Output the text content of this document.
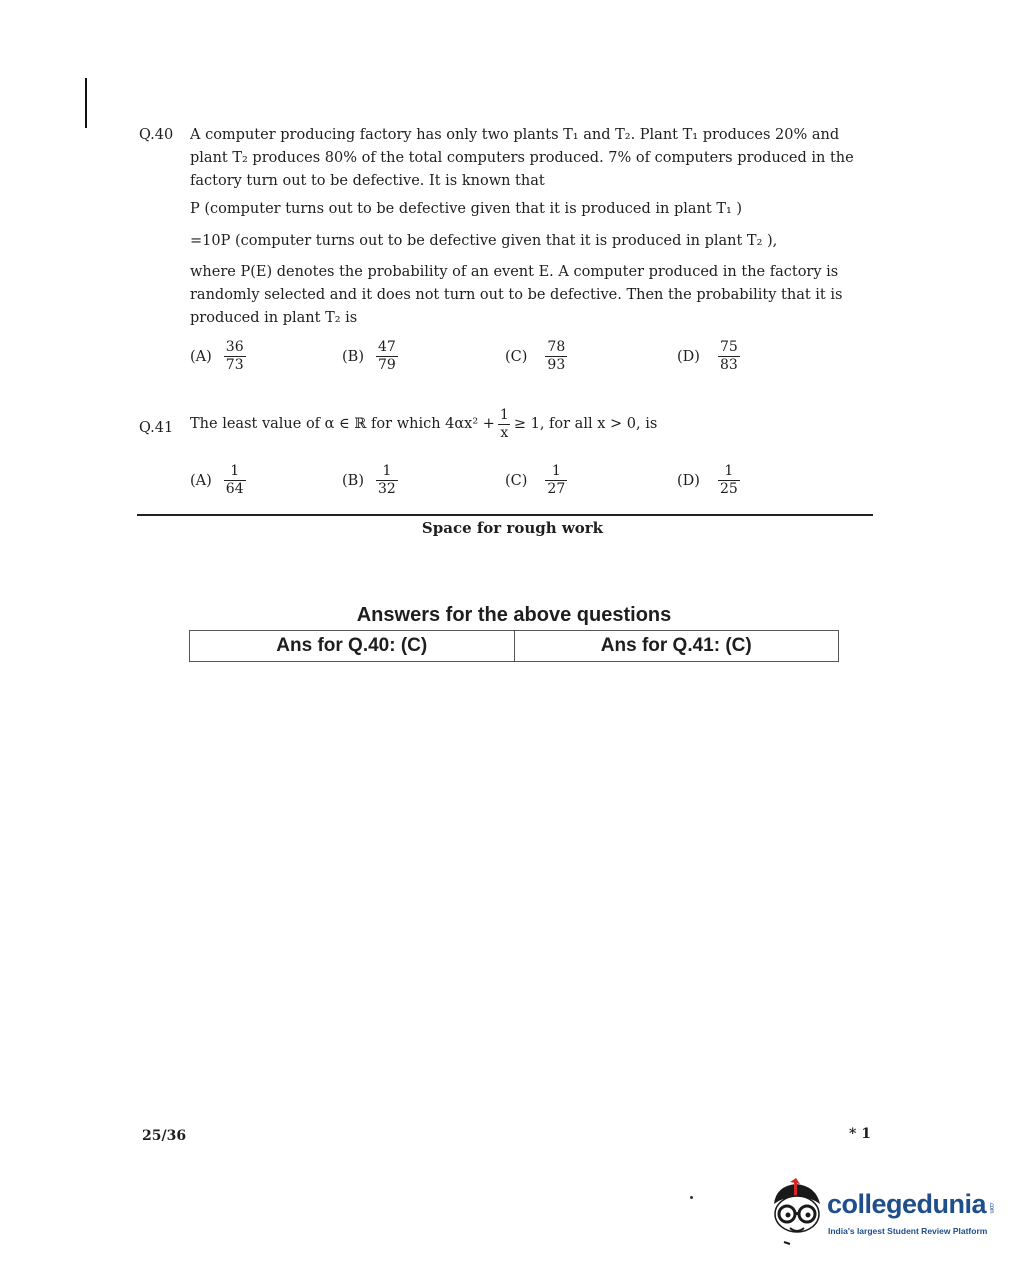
Q.40 A computer producing factory has only two plants T₁ and T₂. Plant T₁ produces 20% and
plant T₂ produces 80% of the total computers produced. 7% of computers produced in the
factory turn out to be defective. It is known that
P (computer turns out to be defective given that it is produced in plant T₁ )
=10P (computer turns out to be defective given that it is produced in plant T₂ ),
where P(E) denotes the probability of an event E. A computer produced in the factory is
randomly selected and it does not turn out to be defective. Then the probability that it is
produced in plant T₂ is
$(A) \frac{36}{73}$	$(B) \frac{47}{79}$	$(C) \frac{78}{93}$	$(D) \frac{75}{83}$
Q.41 The least value of α ∈ ℝ for which $4\alpha x^2 + \frac{1}{x} \ge 1$, for all x > 0, is
$(A) \frac{1}{64}$	$(B) \frac{1}{32}$	$(C) \frac{1}{27}$	$(D) \frac{1}{25}$
Space for rough work
Answers for the above questions
Ans for Q.40: (C)	Ans for Q.41: (C)
25/36	* 1
collegedunia .com
India's largest Student Review Platform
